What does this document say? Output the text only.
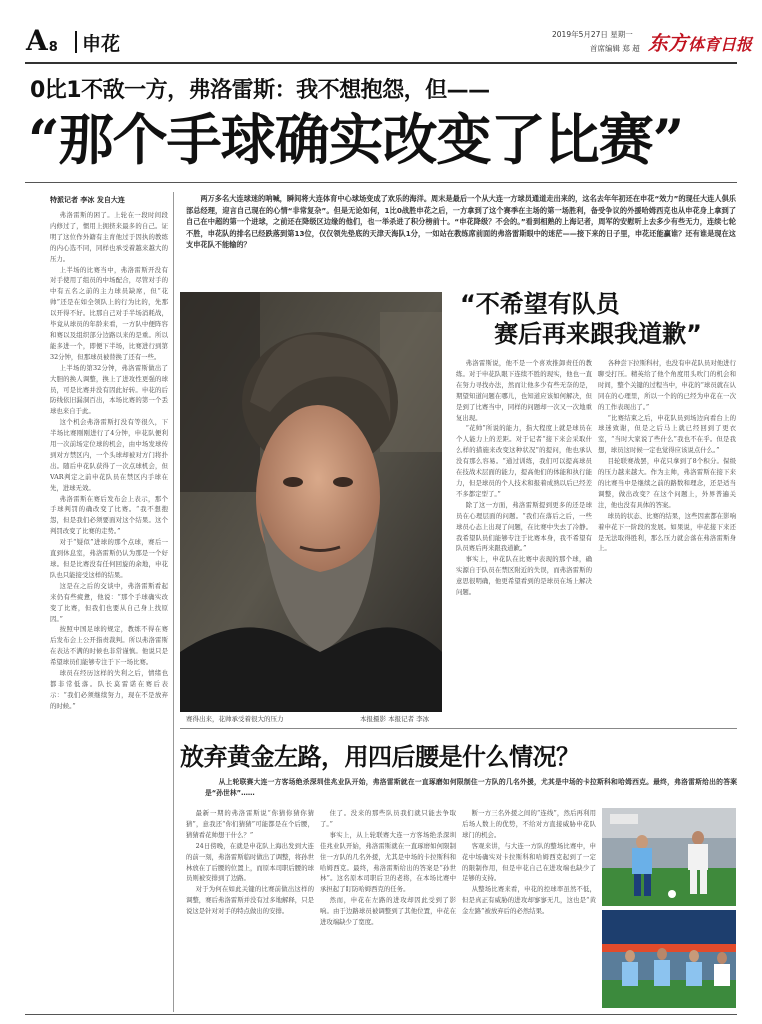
A 8 申花	2019年5月27日 星期一
首席编辑 郑 超 东方体育日报
0比1不敌一方，弗洛雷斯：我不想抱怨，但——
“那个手球确实改变了比赛”
特派记者 李冰 发自大连

弗洛雷斯的困了。上轮在一段时间段内修过了，惯用上拥挤来最多的自己。证明了这位作外籍有主育他过于因执的教练的内心选不同，同样也承受着越来越大的压力。

上半场的比赛当中，弗洛雷斯开没有对手使用了组员的中场配合，尽管对手的中有五名之前的主力球员缺席，但“花帅”还是在如全领队上的行为比的，先那以开得不好。比那自己对手半场消耗战，毕竟从球员的年龄来看，一方队中便阵容和赛以及组织部分边路以来的是重。所以能多进一个，即便下半场，比赛进行到第32分钟，但那球员被替换了还有一些。

上半场的第32分钟，弗洛雷斯做出了大胆的换人调整，换上了进攻性更强的球员，可是比赛并没有因此好转。申花的后防线依旧漏洞百出，本场比赛的第一个丢球也来自于此。

这个机会弗洛雷斯打没有等很久，下半场比赛刚刚进行了4分钟，申花队便利用一次前场定位球的机会，由中场发球传到对方禁区内，一个头球却被对方门将扑出。随后申花队获得了一次点球机会，但VAR判定之前申花队员在禁区内手球在先，进球无效。

弗洛雷斯在赛后发布会上表示，那个手球判罚的确改变了比赛。“我不想抱怨，但是我们必须要面对这个结果。这个判罚改变了比赛的走势。”

对于“疑似”进球的那个点球，赛后一直到休息室，弗洛雷斯仍认为那是一个好球。但是比赛没有任何回旋的余地，申花队也只能接受这样的结果。

这是在之后的交谈中，弗洛雷斯看起来仍有些疲惫，他说：“那个手球确实改变了比赛，但我们也要从自己身上找原因。”

按照中国足球的规定，教练不得在赛后发布会上公开指责裁判。所以弗洛雷斯在表达不满的时候也非常谨慎。他说只是希望球员们能够专注于下一场比赛。

球员在经历这样的失利之后，情绪也都非常低落。队长莫雷诺在赛后表示：“我们必须继续努力，现在不是放弃的时候。”

两万多名大连球迷的呐喊，瞬间将大连体育中心球场变成了欢乐的海洋。周末是最后一个从大连一方球员通道走出来的，这名去年年初还在申花“效力”的现任大连人俱乐部总经理，迎言自己现在的心情“非常复杂”。但是无论如何，1比0战胜申花之后，一方拿到了这个赛季在主场的第一场胜利，备受争议的外援哈姆西克也从申花身上拿到了自己在中超的第一个进球，之前还在降级区边缘的他们，也一举杀进了积分榜前十。“申花降级？不会的。”看到相熟的上海记者，周军的安慰听上去多少有些无力，连续七轮不胜，申花队的排名已经跌落到第13位，仅仅领先垫底的天津天海队1分，一如站在教练席前面的弗洛雷斯眼中的迷茫——接下来的日子里，申花还能赢谁？还有谁是现在这支申花队不能输的？
赛得出来，花帅承受着很大的压力	本报摄影 本报记者 李冰
“不希望有队员
赛后再来跟我道歉”

弗洛雷斯说，他不是一个喜欢推卸责任的教练。对于申花队眼下连续不胜的现实，他也一直在努力寻找办法，然而让他多少有些无奈的是，期望知道问题在哪儿，也知道应该如何解决，但是到了比赛当中，同样的问题却一次又一次地重复出现。

“花帅”所说的能力，指大程度上就是球员在个人能力上的差距。对于记者“接下来会采取什么样的措施来改变这种状况”的提问，他也承认没有那么容易。“通过训练，我们可以提高球员在技战术层面的能力，提高他们的体能和执行能力，但是球员的个人技术和报着成熟以后已经差不多都定型了。”

除了这一方面，弗洛雷斯提到更多的还是球员在心理层面的问题。“我们在落后之后，一些球员心态上出现了问题，在比赛中失去了冷静。我希望队员们能够专注于比赛本身，我不希望有队员赛后再来跟我道歉。”

事实上，申花队在比赛中表现的那个球，确实源自于队员在禁区附近的失误，而弗洛雷斯的意思很明确，他更希望看到的是球员在场上解决问题。

各种尝下拉斯科村，也没有申花队员对他进行聊受打压。精英给了他个角度用头吹门的机会和时间，整个关键的过程当中，申花的“球员就在认同在的心理里，所以一个的的已经为申花在一次的工作表现出了。”

“比赛结束之后，申花队员到场边向看台上的球迷致谢，但是之后马上就已经回到了更衣室，“当时大家说了些什么”我也不在乎。但是我想，球员这时候一定也觉得应该说点什么。”

目轮联赛战罢，申花只拿到了8个积分。保级的压力越来越大。作为主帅，弗洛雷斯在接下来的比赛当中是继续之前的路数和理念，还是适当调整，做出改变？在这个问题上，外界普遍关注，他也没有具体的答案。

球员的状态、比赛的结果，这些因素都在影响着申花下一阶段的发展。如果说，申花接下来还是无法取得胜利，那么压力就会落在弗洛雷斯身上。

放弃黄金左路，用四后腰是什么情况？
从上轮联赛大连一方客场绝杀深圳佳兆业队开始，弗洛雷斯就在一直琢磨如何限制住一方队的几名外援，尤其是中场的卡拉斯科和哈姆西克。最终，弗洛雷斯给出的答案是“孙世林”……

最新一期的弗洛雷斯说“你猜你猜你猜猜”，意我还“你们猜猜”可能都是在个后腰，猜猜看花帅想干什么？”

24日傍晚，在就是申花队上海出发到大连的前一刻，弗洛雷斯临时做出了调整，将孙世林放在了后腰的位置上，而原本司职后腰的球员则被安排到了边路。

对于为何在如此关键的比赛前做出这样的调整，赛后弗洛雷斯并没有过多地解释，只是说这是针对对手的特点做出的安排。

住了。没来的那些队员我们就只能去争取了。”

事实上，从上轮联赛大连一方客场绝杀深圳佳兆业队开始，弗洛雷斯就在一直琢磨如何限制住一方队的几名外援，尤其是中场的卡拉斯科和哈姆西克。最终，弗洛雷斯给出的答案是“孙世林”。这名原本司职后卫的老将，在本场比赛中承担起了盯防哈姆西克的任务。

然而，申花在左路的进攻却因此受到了影响。由于边路球员被调整到了其他位置，申花在进攻端缺少了宽度。

断一方三名外援之间的“连线”，然后再利用后场人数上的优势，不给对方直接威胁申花队球门的机会。

客观来讲，与大连一方队的整场比赛中，申花中场确实对卡拉斯科和哈姆西克起到了一定的限制作用，但是申花自己在进攻端也缺少了足够的支持。

从整场比赛来看，申花的控球率虽然不低，但是真正有威胁的进攻却寥寥无几，这也是“黄金左路”被放弃后的必然结果。
